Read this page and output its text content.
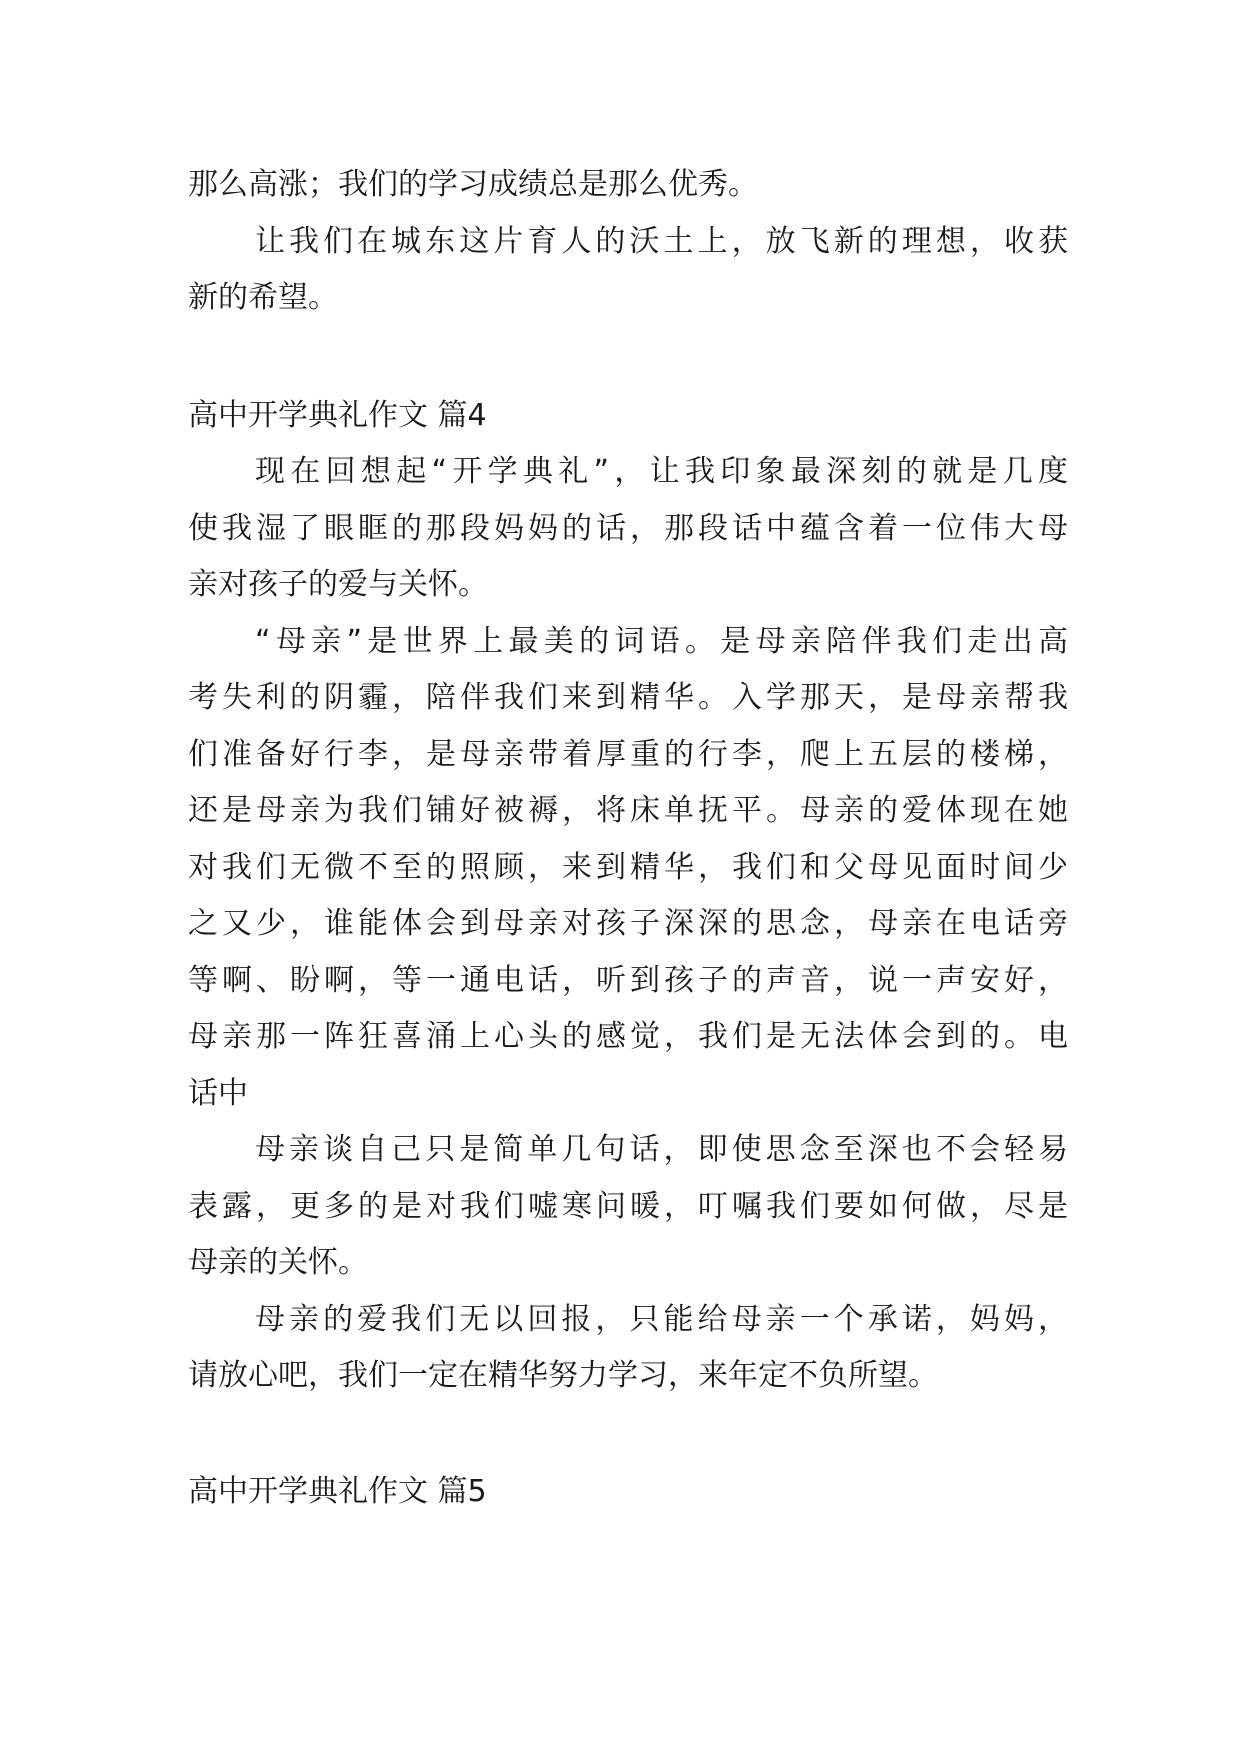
那么高涨；我们的学习成绩总是那么优秀。

让我们在城东这片育人的沃土上，放飞新的理想，收获

新的希望。

高中开学典礼作文 篇4

现在回想起“开学典礼”，让我印象最深刻的就是几度

使我湿了眼眶的那段妈妈的话，那段话中蕴含着一位伟大母

亲对孩子的爱与关怀。

“母亲”是世界上最美的词语。是母亲陪伴我们走出高

考失利的阴霾，陪伴我们来到精华。入学那天，是母亲帮我

们准备好行李，是母亲带着厚重的行李，爬上五层的楼梯，

还是母亲为我们铺好被褥，将床单抚平。母亲的爱体现在她

对我们无微不至的照顾，来到精华，我们和父母见面时间少

之又少，谁能体会到母亲对孩子深深的思念，母亲在电话旁

等啊、盼啊，等一通电话，听到孩子的声音，说一声安好，

母亲那一阵狂喜涌上心头的感觉，我们是无法体会到的。电

话中

母亲谈自己只是简单几句话，即使思念至深也不会轻易

表露，更多的是对我们嘘寒问暖，叮嘱我们要如何做，尽是

母亲的关怀。

母亲的爱我们无以回报，只能给母亲一个承诺，妈妈，

请放心吧，我们一定在精华努力学习，来年定不负所望。

高中开学典礼作文 篇5
